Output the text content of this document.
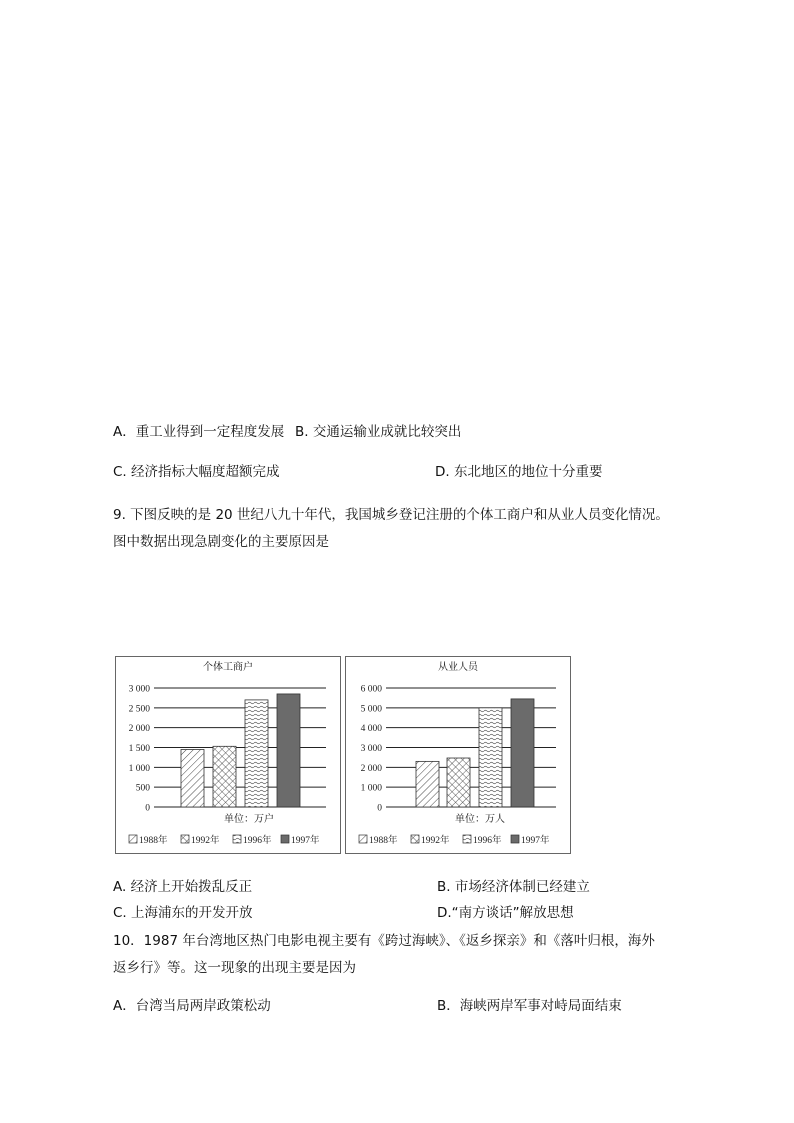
A．重工业得到一定程度发展 B. 交通运输业成就比较突出
C. 经济指标大幅度超额完成	D. 东北地区的地位十分重要
9. 下图反映的是 20 世纪八九十年代，我国城乡登记注册的个体工商户和从业人员变化情况。
图中数据出现急剧变化的主要原因是
个体工商户
0
500
1 000
1 500
2 000
2 500
3 000
单位：万户
1988年 1992年 1996年 1997年
从业人员
0
1 000
2 000
3 000
4 000
5 000
6 000
单位：万人
1988年 1992年 1996年 1997年
A. 经济上开始拨乱反正	B. 市场经济体制已经建立
C. 上海浦东的开发开放	D.“南方谈话”解放思想
10．1987 年台湾地区热门电影电视主要有《跨过海峡》、《返乡探亲》和《落叶归根，海外
返乡行》等。这一现象的出现主要是因为
A．台湾当局两岸政策松动	B．海峡两岸军事对峙局面结束
